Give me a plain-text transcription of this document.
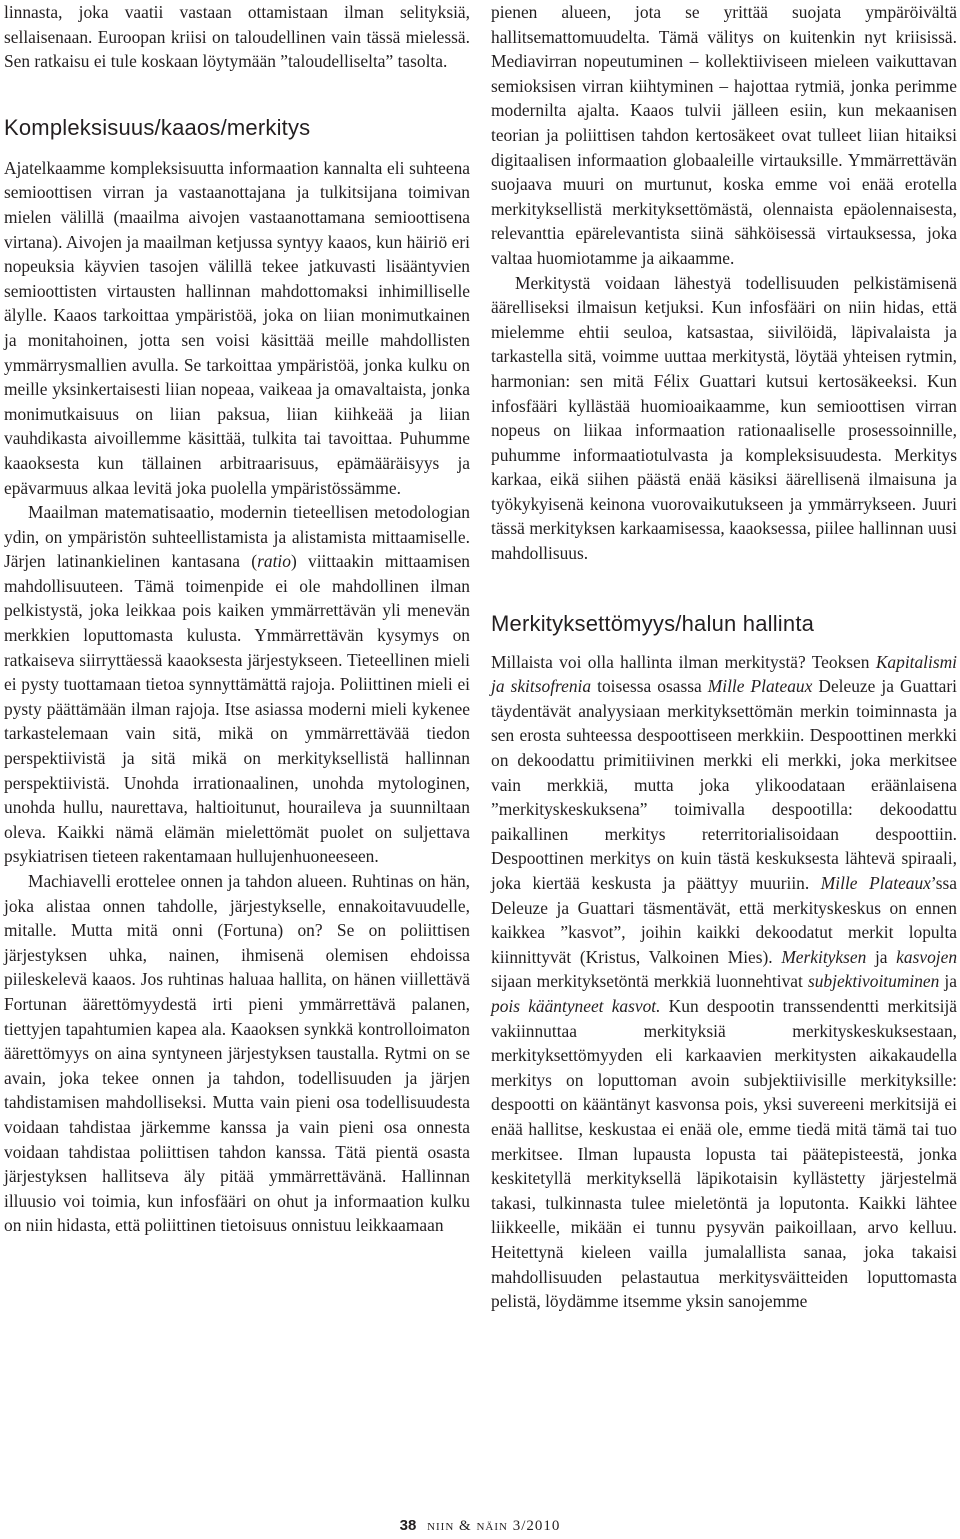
linnasta, joka vaatii vastaan ottamistaan ilman selityksiä, sellaisenaan. Euroopan kriisi on taloudellinen vain tässä mielessä. Sen ratkaisu ei tule koskaan löytymään ”taloudelliselta” tasolta.

Kompleksisuus/kaaos/merkitys

Ajatelkaamme kompleksisuutta informaation kannalta eli suhteena semioottisen virran ja vastaanottajana ja tulkitsijana toimivan mielen välillä (maailma aivojen vastaanottamana semioottisena virtana). Aivojen ja maailman ketjussa syntyy kaaos, kun häiriö eri nopeuksia käyvien tasojen välillä tekee jatkuvasti lisääntyvien semioottisten virtausten hallinnan mahdottomaksi inhimilliselle älylle. Kaaos tarkoittaa ympäristöä, joka on liian monimutkainen ja monitahoinen, jotta sen voisi käsittää meille mahdollisten ymmärrysmallien avulla. Se tarkoittaa ympäristöä, jonka kulku on meille yksinkertaisesti liian nopeaa, vaikeaa ja omavaltaista, jonka monimutkaisuus on liian paksua, liian kiihkeää ja liian vauhdikasta aivoillemme käsittää, tulkita tai tavoittaa. Puhumme kaaoksesta kun tällainen arbitraarisuus, epämääräisyys ja epävarmuus alkaa levitä joka puolella ympäristössämme.

Maailman matematisaatio, modernin tieteellisen metodologian ydin, on ympäristön suhteellistamista ja alistamista mittaamiselle. Järjen latinankielinen kantasana (ratio) viittaakin mittaamisen mahdollisuuteen. Tämä toimenpide ei ole mahdollinen ilman pelkistystä, joka leikkaa pois kaiken ymmärrettävän yli menevän merkkien loputtomasta kulusta. Ymmärrettävän kysymys on ratkaiseva siirryttäessä kaaoksesta järjestykseen. Tieteellinen mieli ei pysty tuottamaan tietoa synnyttämättä rajoja. Poliittinen mieli ei pysty päättämään ilman rajoja. Itse asiassa moderni mieli kykenee tarkastelemaan vain sitä, mikä on ymmärrettävää tiedon perspektiivistä ja sitä mikä on merkityksellistä hallinnan perspektiivistä. Unohda irrationaalinen, unohda mytologinen, unohda hullu, naurettava, haltioitunut, houraileva ja suunniltaan oleva. Kaikki nämä elämän mielettömät puolet on suljettava psykiatrisen tieteen rakentamaan hullujenhuoneeseen.

Machiavelli erottelee onnen ja tahdon alueen. Ruhtinas on hän, joka alistaa onnen tahdolle, järjestykselle, ennakoitavuudelle, mitalle. Mutta mitä onni (Fortuna) on? Se on poliittisen järjestyksen uhka, nainen, ihmisenä olemisen ehdoissa piileskelevä kaaos. Jos ruhtinas haluaa hallita, on hänen viillettävä Fortunan äärettömyydestä irti pieni ymmärrettävä palanen, tiettyjen tapahtumien kapea ala. Kaaoksen synkkä kontrolloimaton äärettömyys on aina syntyneen järjestyksen taustalla. Rytmi on se avain, joka tekee onnen ja tahdon, todellisuuden ja järjen tahdistamisen mahdolliseksi. Mutta vain pieni osa todellisuudesta voidaan tahdistaa järkemme kanssa ja vain pieni osa onnesta voidaan tahdistaa poliittisen tahdon kanssa. Tätä pientä osasta järjestyksen hallitseva äly pitää ymmärrettävänä. Hallinnan illuusio voi toimia, kun infosfääri on ohut ja informaation kulku on niin hidasta, että poliittinen tietoisuus onnistuu leikkaamaan

pienen alueen, jota se yrittää suojata ympäröivältä hallitsemattomuudelta. Tämä välitys on kuitenkin nyt kriisissä. Mediavirran nopeutuminen – kollektiiviseen mieleen vaikuttavan semioksisen virran kiihtyminen – hajottaa rytmiä, jonka perimme modernilta ajalta. Kaaos tulvii jälleen esiin, kun mekaanisen teorian ja poliittisen tahdon kertosäkeet ovat tulleet liian hitaiksi digitaalisen informaation globaaleille virtauksille. Ymmärrettävän suojaava muuri on murtunut, koska emme voi enää erotella merkityksellistä merkityksettömästä, olennaista epäolennaisesta, relevanttia epärelevantista siinä sähköisessä virtauksessa, joka valtaa huomiotamme ja aikaamme.

Merkitystä voidaan lähestyä todellisuuden pelkistämisenä äärelliseksi ilmaisun ketjuksi. Kun infosfääri on niin hidas, että mielemme ehtii seuloa, katsastaa, siivilöidä, läpivalaista ja tarkastella sitä, voimme uuttaa merkitystä, löytää yhteisen rytmin, harmonian: sen mitä Félix Guattari kutsui kertosäkeeksi. Kun infosfääri kyllästää huomioaikaamme, kun semioottisen virran nopeus on liikaa informaation rationaaliselle prosessoinnille, puhumme informaatiotulvasta ja kompleksisuudesta. Merkitys karkaa, eikä siihen päästä enää käsiksi äärellisenä ilmaisuna ja työkykyisenä keinona vuorovaikutukseen ja ymmärrykseen. Juuri tässä merkityksen karkaamisessa, kaaoksessa, piilee hallinnan uusi mahdollisuus.

Merkityksettömyys/halun hallinta

Millaista voi olla hallinta ilman merkitystä? Teoksen Kapitalismi ja skitsofrenia toisessa osassa Mille Plateaux Deleuze ja Guattari täydentävät analyysiaan merkityksettömän merkin toiminnasta ja sen erosta suhteessa despoottiseen merkkiin. Despoottinen merkki on dekoodattu primitiivinen merkki eli merkki, joka merkitsee vain merkkiä, mutta joka ylikoodataan eräänlaisena ”merkityskeskuksena” toimivalla despootilla: dekoodattu paikallinen merkitys reterritorialisoidaan despoottiin. Despoottinen merkitys on kuin tästä keskuksesta lähtevä spiraali, joka kiertää keskusta ja päättyy muuriin. Mille Plateaux’ssa Deleuze ja Guattari täsmentävät, että merkityskeskus on ennen kaikkea ”kasvot”, joihin kaikki dekoodatut merkit lopulta kiinnittyvät (Kristus, Valkoinen Mies). Merkityksen ja kasvojen sijaan merkityksetöntä merkkiä luonnehtivat subjektivoituminen ja pois kääntyneet kasvot. Kun despootin transsendentti merkitsijä vakiinnuttaa merkityksiä merkityskeskuksestaan, merkityksettömyyden eli karkaavien merkitysten aikakaudella merkitys on loputtoman avoin subjektiivisille merkityksille: despootti on kääntänyt kasvonsa pois, yksi suvereeni merkitsijä ei enää hallitse, keskustaa ei enää ole, emme tiedä mitä tämä tai tuo merkitsee. Ilman lupausta lopusta tai päätepisteestä, jonka keskitetyllä merkityksellä läpikotaisin kyllästetty järjestelmä takasi, tulkinnasta tulee mieletöntä ja loputonta. Kaikki lähtee liikkeelle, mikään ei tunnu pysyvän paikoillaan, arvo kelluu. Heitettynä kieleen vailla jumalallista sanaa, joka takaisi mahdollisuuden pelastautua merkitysväitteiden loputtomasta pelistä, löydämme itsemme yksin sanojemme

38 niin & näin 3/2010
